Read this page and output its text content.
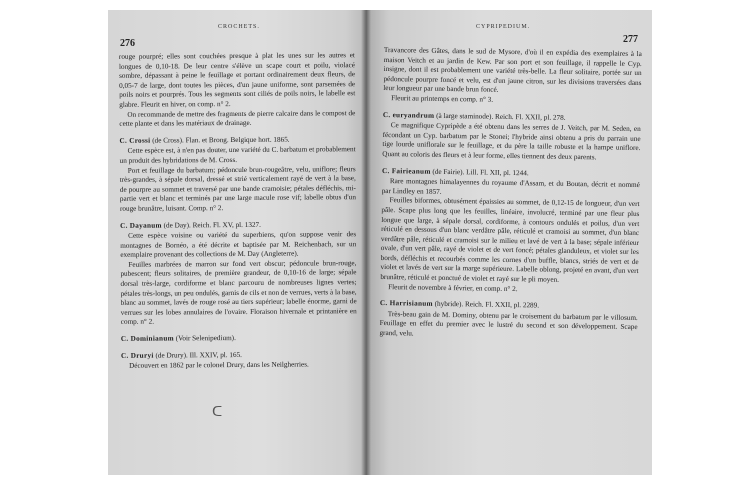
CROCHETS.
276

rouge pourpré; elles sont couchées presque à plat les unes sur les autres et longues de 0,10-18. De leur centre s'élève un scape court et poilu, violacé sombre, dépassant à peine le feuillage et portant ordinairement deux fleurs, de 0,05-7 de large, dont toutes les pièces, d'un jaune uniforme, sont parsemées de poils noirs et pourprés. Tous les segments sont ciliés de poils noirs, le labelle est glabre. Fleurit en hiver, on comp. n° 2.

On recommande de mettre des fragments de pierre calcaire dans le compost de cette plante et dans les matériaux de drainage.

C. Crossi (de Cross). Flan. et Brong. Belgique hort. 1865.

Cette espèce est, à n'en pas douter, une variété du C. barbatum et probablement un produit des hybridations de M. Cross.

Port et feuillage du barbatum; pédoncule brun-rougeâtre, velu, uniflore; fleurs très-grandes, à sépale dorsal, dressé et strié verticalement rayé de vert à la base, de pourpre au sommet et traversé par une bande cramoisie; pétales défléchis, mi-partie vert et blanc et terminés par une large macule rose vif; labelle obtus d'un rouge brunâtre, luisant. Comp. n° 2.

C. Dayanum (de Day). Reich. Fl. XV, pl. 1327.

Cette espèce voisine ou variété du superbiens, qu'on suppose venir des montagnes de Bornéo, a été décrite et baptisée par M. Reichenbach, sur un exemplaire provenant des collections de M. Day (Angleterre).

Feuilles marbrées de marron sur fond vert obscur; pédoncule brun-rouge, pubescent; fleurs solitaires, de première grandeur, de 0,10-16 de large; sépale dorsal très-large, cordiforme et blanc parcouru de nombreuses lignes vertes; pétales très-longs, un peu ondulés, garnis de cils et non de verrues, verts à la base, blanc au sommet, lavés de rouge rosé au tiers supérieur; labelle énorme, garni de verrues sur les lobes annulaires de l'ovaire. Floraison hivernale et printanière en comp. n° 2.

C. Dominianum (Voir Selenipedium).

C. Druryi (de Drury). Ill. XXIV, pl. 165.

Découvert en 1862 par le colonel Drury, dans les Neilgherries.

ᑕ
CYPRIPEDIUM.
277

Travancore des Gâtes, dans le sud de Mysore, d'où il en expédia des exemplaires à la maison Veitch et au jardin de Kew. Par son port et son feuillage, il rappelle le Cyp. insigne, dont il est probablement une variété très-belle. La fleur solitaire, portée sur un pédoncule pourpre foncé et velu, est d'un jaune citron, sur les divisions traversées dans leur longueur par une bande brun foncé.

Fleurit au printemps en comp. n° 3.

C. euryandrum (à large staminode). Reich. Fl. XXII, pl. 278.

Ce magnifique Cypripède a été obtenu dans les serres de J. Veitch, par M. Seden, en fécondant un Cyp. barbatum par le Stonei; l'hybride ainsi obtenu a pris du parrain une tige lourde uniflorale sur le feuillage, et du père la taille robuste et la hampe uniflore. Quant au coloris des fleurs et à leur forme, elles tiennent des deux parents.

C. Fairieanum (de Fairie). Lill. Fl. XII, pl. 1244.

Rare montagnes himalayennes du royaume d'Assam, et du Boutan, décrit et nommé par Lindley en 1857.

Feuilles biformes, obtusément épaissies au sommet, de 0,12-15 de longueur, d'un vert pâle. Scape plus long que les feuilles, linéaire, involucré, terminé par une fleur plus longue que large, à sépale dorsal, cordiforme, à contours ondulés et poilus, d'un vert réticulé en dessous d'un blanc verdâtre pâle, réticulé et cramoisi au sommet, d'un blanc verdâtre pâle, réticulé et cramoisi sur le milieu et lavé de vert à la base; sépale inférieur ovale, d'un vert pâle, rayé de violet et de vert foncé; pétales glanduleux, et violet sur les bords, défléchis et recourbés comme les cornes d'un buffle, blancs, striés de vert et de violet et lavés de vert sur la marge supérieure. Labelle oblong, projeté en avant, d'un vert brunâtre, réticulé et ponctué de violet et rayé sur le pli moyen.

Fleurit de novembre à février, en comp. n° 2.

C. Harrisianum (hybride). Reich. Fl. XXII, pl. 2289.

Très-beau gain de M. Dominy, obtenu par le croisement du barbatum par le villosum. Feuillage en effet du premier avec le lustré du second et son développement. Scape grand, velu.
